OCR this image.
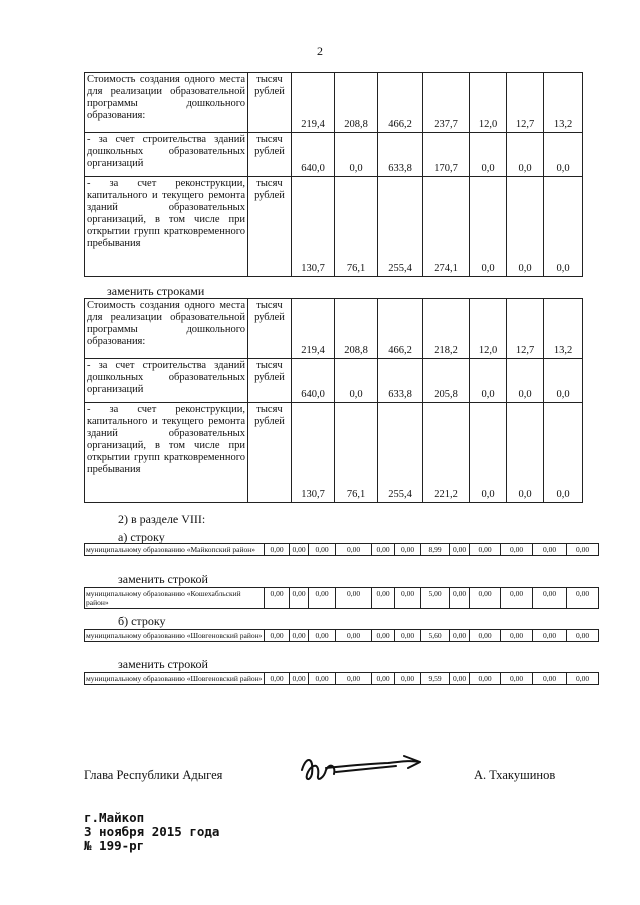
2
Стоимость создания одного места для реализации образовательной программы дошкольного образования:	тысяч рублей	219,4	208,8	466,2	237,7	12,0	12,7	13,2
- за счет строительства зданий дошкольных образовательных организаций	тысяч рублей	640,0	0,0	633,8	170,7	0,0	0,0	0,0
- за счет реконструкции, капитального и текущего ремонта зданий образовательных организаций, в том числе при открытии групп кратковременного пребывания	тысяч рублей	130,7	76,1	255,4	274,1	0,0	0,0	0,0
заменить строками
Стоимость создания одного места для реализации образовательной программы дошкольного образования:	тысяч рублей	219,4	208,8	466,2	218,2	12,0	12,7	13,2
- за счет строительства зданий дошкольных образовательных организаций	тысяч рублей	640,0	0,0	633,8	205,8	0,0	0,0	0,0
- за счет реконструкции, капитального и текущего ремонта зданий образовательных организаций, в том числе при открытии групп кратковременного пребывания	тысяч рублей	130,7	76,1	255,4	221,2	0,0	0,0	0,0
2) в разделе VIII:
а) строку
муниципальному образованию «Майкопский район»	0,00	0,00	0,00	0,00	0,00	0,00	8,99	0,00	0,00	0,00	0,00	0,00
заменить строкой
муниципальному образованию «Кошехабльский район»	0,00	0,00	0,00	0,00	0,00	0,00	5,00	0,00	0,00	0,00	0,00	0,00
б) строку
муниципальному образованию «Шовгеновский район»	0,00	0,00	0,00	0,00	0,00	0,00	5,60	0,00	0,00	0,00	0,00	0,00
заменить строкой
муниципальному образованию «Шовгеновский район»	0,00	0,00	0,00	0,00	0,00	0,00	9,59	0,00	0,00	0,00	0,00	0,00
Глава Республики Адыгея	А. Тхакушинов
г.Майкоп
3 ноября 2015 года
№ 199-рг
